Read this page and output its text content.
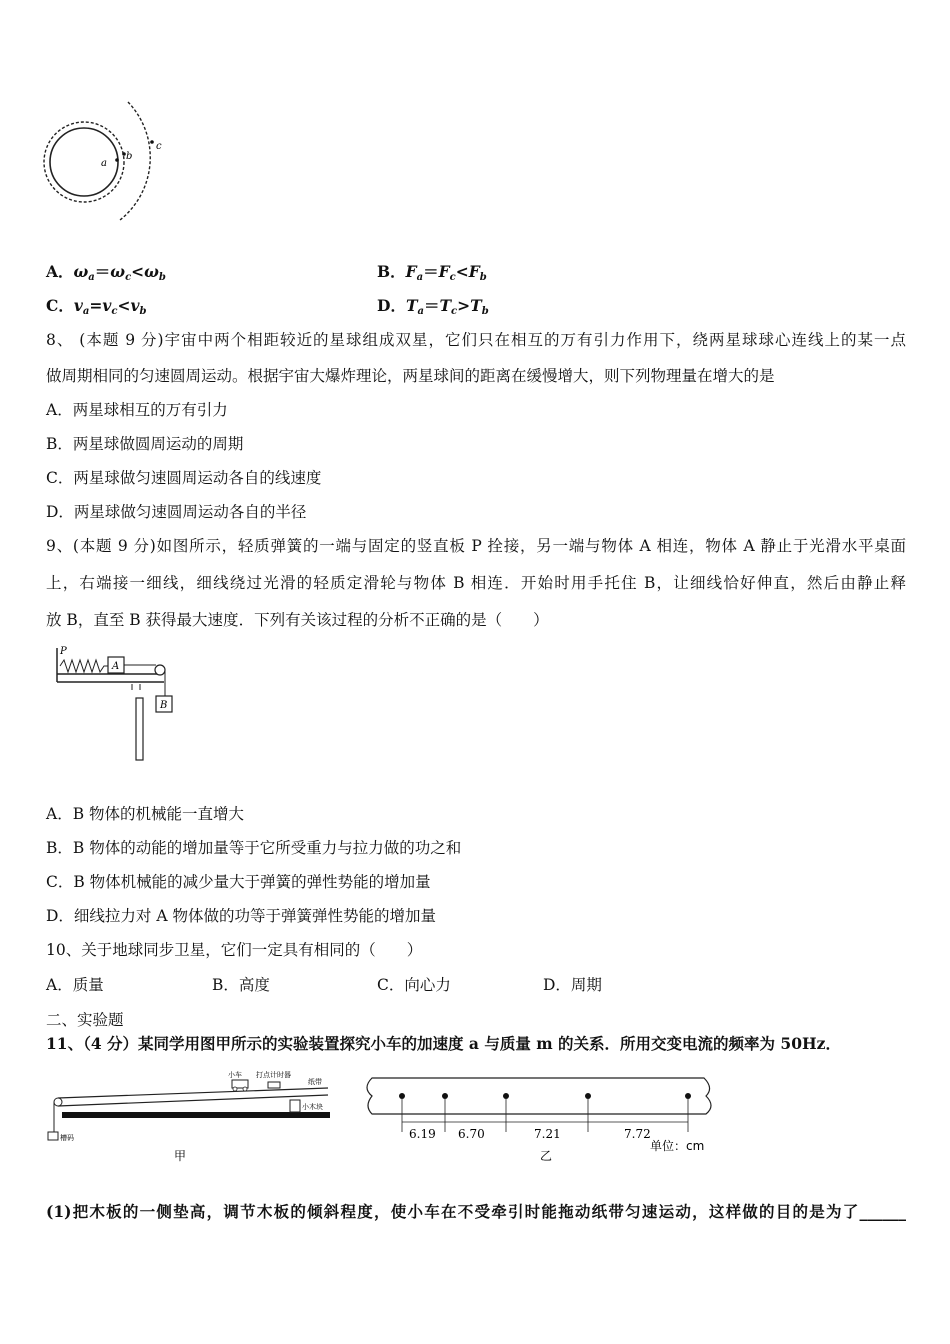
a
b
c
A．$\omega_a=\omega_c<\omega_b$	B．$F_a=F_c<F_b$
C．$v_a=v_c<v_b$	D．$T_a=T_c>T_b$
8、 (本题 9 分)宇宙中两个相距较近的星球组成双星，它们只在相互的万有引力作用下，绕两星球球心连线上的某一点
做周期相同的匀速圆周运动。根据宇宙大爆炸理论，两星球间的距离在缓慢增大，则下列物理量在增大的是
A．两星球相互的万有引力
B．两星球做圆周运动的周期
C．两星球做匀速圆周运动各自的线速度
D．两星球做匀速圆周运动各自的半径
9、(本题 9 分)如图所示，轻质弹簧的一端与固定的竖直板 P 拴接，另一端与物体 A 相连，物体 A 静止于光滑水平桌面
上，右端接一细线，细线绕过光滑的轻质定滑轮与物体 B 相连．开始时用手托住 B，让细线恰好伸直，然后由静止释
放 B，直至 B 获得最大速度．下列有关该过程的分析不正确的是（　　）
P
A
B
A．B 物体的机械能一直增大
B．B 物体的动能的增加量等于它所受重力与拉力做的功之和
C．B 物体机械能的减少量大于弹簧的弹性势能的增加量
D．细线拉力对 A 物体做的功等于弹簧弹性势能的增加量
10、关于地球同步卫星，它们一定具有相同的（　　）
A．质量	B．高度	C．向心力	D．周期
二、实验题
11、（4 分）某同学用图甲所示的实验装置探究小车的加速度 a 与质量 m 的关系．所用交变电流的频率为 50Hz．
小车 打点计时器
纸带
小木块
槽码
甲
6.19 6.70	7.21	7.72
单位：cm
乙
(1)把木板的一侧垫高，调节木板的倾斜程度，使小车在不受牵引时能拖动纸带匀速运动，这样做的目的是为了______
